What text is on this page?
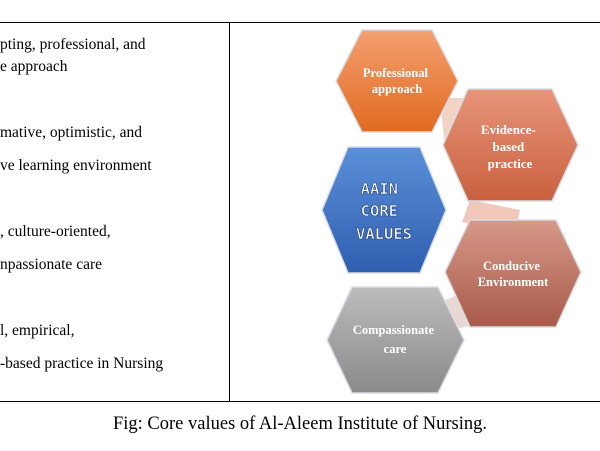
pting, professional, and
e approach
mative, optimistic, and
ve learning environment
, culture-oriented,
npassionate care
l, empirical,
-based practice in Nursing
Professional approach
Evidence- based practice
AAIN CORE VALUES
Conducive Environment
Compassionate care
Fig: Core values of Al-Aleem Institute of Nursing.
